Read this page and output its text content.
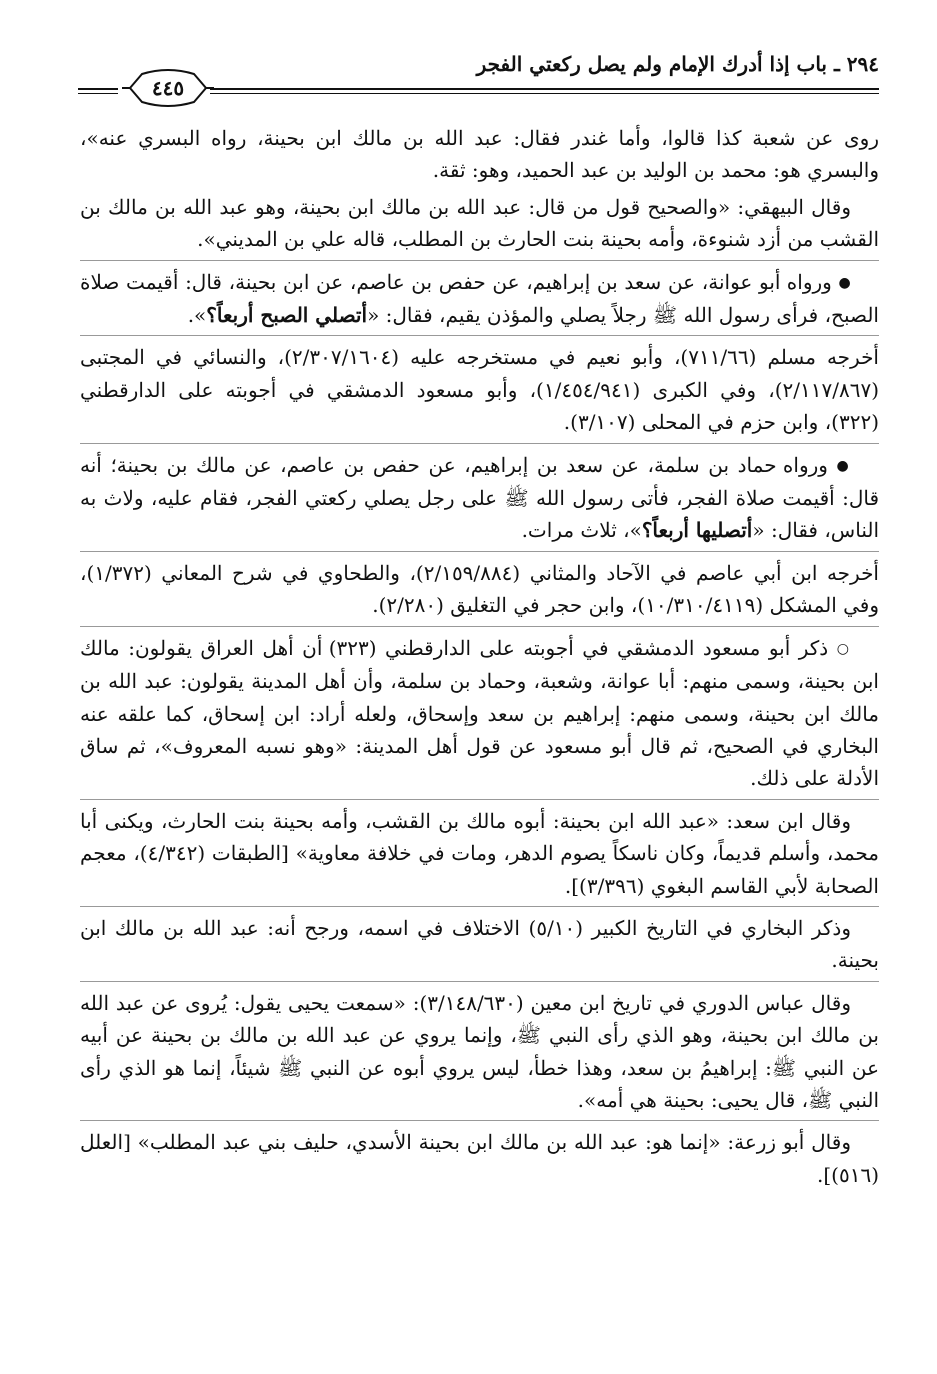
٢٩٤ ـ باب إذا أدرك الإمام ولم يصل ركعتي الفجر
٤٤٥

روى عن شعبة كذا قالوا، وأما غندر فقال: عبد الله بن مالك ابن بحينة، رواه البسري عنه»، والبسري هو: محمد بن الوليد بن عبد الحميد، وهو: ثقة.

وقال البيهقي: «والصحيح قول من قال: عبد الله بن مالك ابن بحينة، وهو عبد الله بن مالك بن القشب من أزد شنوءة، وأمه بحينة بنت الحارث بن المطلب، قاله علي بن المديني».

● ورواه أبو عوانة، عن سعد بن إبراهيم، عن حفص بن عاصم، عن ابن بحينة، قال: أقيمت صلاة الصبح، فرأى رسول الله ﷺ رجلاً يصلي والمؤذن يقيم، فقال: «أتصلي الصبح أربعاً؟».

أخرجه مسلم (٧١١/٦٦)، وأبو نعيم في مستخرجه عليه (٢/٣٠٧/١٦٠٤)، والنسائي في المجتبى (٢/١١٧/٨٦٧)، وفي الكبرى (١/٤٥٤/٩٤١)، وأبو مسعود الدمشقي في أجوبته على الدارقطني (٣٢٢)، وابن حزم في المحلى (٣/١٠٧).

● ورواه حماد بن سلمة، عن سعد بن إبراهيم، عن حفص بن عاصم، عن مالك بن بحينة؛ أنه قال: أقيمت صلاة الفجر، فأتى رسول الله ﷺ على رجل يصلي ركعتي الفجر، فقام عليه، ولاث به الناس، فقال: «أتصليها أربعاً؟»، ثلاث مرات.

أخرجه ابن أبي عاصم في الآحاد والمثاني (٢/١٥٩/٨٨٤)، والطحاوي في شرح المعاني (١/٣٧٢)، وفي المشكل (١٠/٣١٠/٤١١٩)، وابن حجر في التغليق (٢/٢٨٠).

○ ذكر أبو مسعود الدمشقي في أجوبته على الدارقطني (٣٢٣) أن أهل العراق يقولون: مالك ابن بحينة، وسمى منهم: أبا عوانة، وشعبة، وحماد بن سلمة، وأن أهل المدينة يقولون: عبد الله بن مالك ابن بحينة، وسمى منهم: إبراهيم بن سعد وإسحاق، ولعله أراد: ابن إسحاق، كما علقه عنه البخاري في الصحيح، ثم قال أبو مسعود عن قول أهل المدينة: «وهو نسبه المعروف»، ثم ساق الأدلة على ذلك.

وقال ابن سعد: «عبد الله ابن بحينة: أبوه مالك بن القشب، وأمه بحينة بنت الحارث، ويكنى أبا محمد، وأسلم قديماً، وكان ناسكاً يصوم الدهر، ومات في خلافة معاوية» [الطبقات (٤/٣٤٢)، معجم الصحابة لأبي القاسم البغوي (٣/٣٩٦)].

وذكر البخاري في التاريخ الكبير (٥/١٠) الاختلاف في اسمه، ورجح أنه: عبد الله بن مالك ابن بحينة.

وقال عباس الدوري في تاريخ ابن معين (٣/١٤٨/٦٣٠): «سمعت يحيى يقول: يُروى عن عبد الله بن مالك ابن بحينة، وهو الذي رأى النبي ﷺ، وإنما يروي عن عبد الله بن مالك بن بحينة عن أبيه عن النبي ﷺ: إبراهيمُ بن سعد، وهذا خطأ، ليس يروي أبوه عن النبي ﷺ شيئاً، إنما هو الذي رأى النبي ﷺ، قال يحيى: بحينة هي أمه».

وقال أبو زرعة: «إنما هو: عبد الله بن مالك ابن بحينة الأسدي، حليف بني عبد المطلب» [العلل (٥١٦)].
